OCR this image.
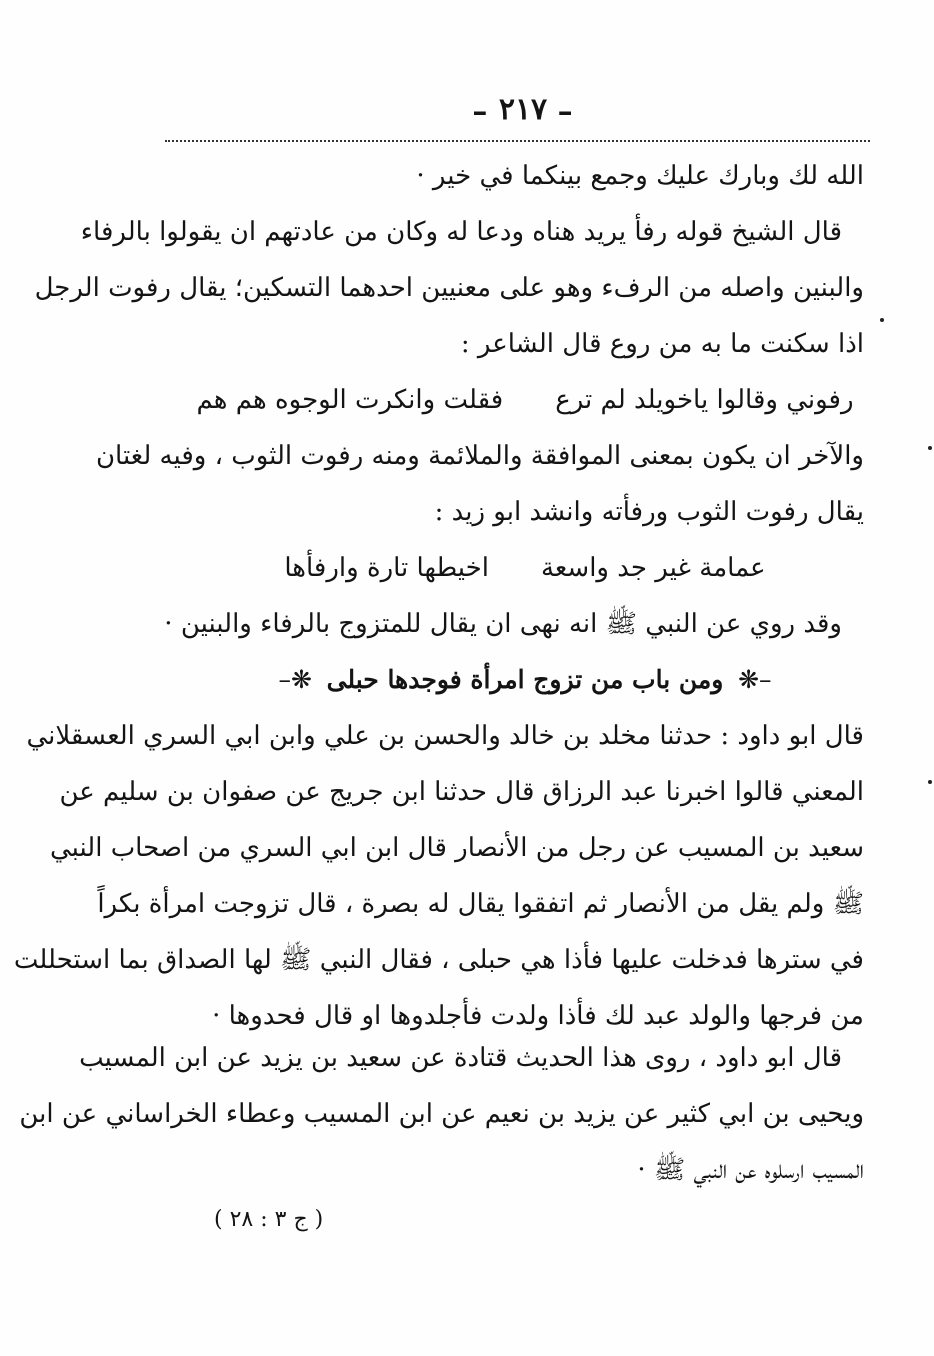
– ٢١٧ –
الله لك وبارك عليك وجمع بينكما في خير ·
قال الشيخ قوله رفأ يريد هناه ودعا له وكان من عادتهم ان يقولوا بالرفاء
والبنين واصله من الرفء وهو على معنيين احدهما التسكين؛ يقال رفوت الرجل
اذا سكنت ما به من روع قال الشاعر :
رفوني وقالوا ياخويلد لم ترع
فقلت وانكرت الوجوه هم هم
والآخر ان يكون بمعنى الموافقة والملائمة ومنه رفوت الثوب ، وفيه لغتان
يقال رفوت الثوب ورفأته وانشد ابو زيد :
عمامة غير جد واسعة
اخيطها تارة وارفأها
وقد روي عن النبي ﷺ انه نهى ان يقال للمتزوج بالرفاء والبنين ·
–❋ ومن باب من تزوج امرأة فوجدها حبلى ❋–
قال ابو داود : حدثنا مخلد بن خالد والحسن بن علي وابن ابي السري العسقلاني
المعني قالوا اخبرنا عبد الرزاق قال حدثنا ابن جريج عن صفوان بن سليم عن
سعيد بن المسيب عن رجل من الأنصار قال ابن ابي السري من اصحاب النبي
ﷺ ولم يقل من الأنصار ثم اتفقوا يقال له بصرة ، قال تزوجت امرأة بكراً
في سترها فدخلت عليها فأذا هي حبلى ، فقال النبي ﷺ لها الصداق بما استحللت
من فرجها والولد عبد لك فأذا ولدت فأجلدوها او قال فحدوها ·
قال ابو داود ، روى هذا الحديث قتادة عن سعيد بن يزيد عن ابن المسيب
ويحيى بن ابي كثير عن يزيد بن نعيم عن ابن المسيب وعطاء الخراساني عن ابن
المسيب ارسلوه عن النبي ﷺ ·
( ج ٣ : ٢٨ )
